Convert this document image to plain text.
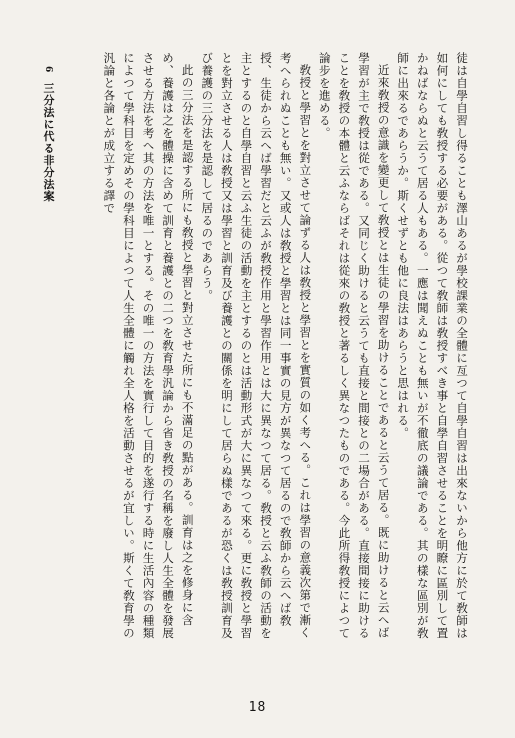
徒は自學自習し得ることも澤山あるが學校課業の全體に亙つて自學自習は出來ないから他方に於て敎師は如何にしても敎授する必要がある。從つて敎師は敎授すべき事と自學自習させることを明瞭に區別して置かねばならぬと云うて居る人もある。一應は聞えぬことも無いが不徹底の議論である。其の樣な區別が敎師に出來るであらうか。斯くせずとも他に良法はあらうと思はれる。

近來敎授の意識を變更して敎授とは生徒の學習を助けることであると云うて居る。既に助けると云へば學習が主で敎授は從である。又同じく助けると云うても直接と間接との二場合がある。直接間接に助けることを敎授の本體と云ふならばそれは從來の敎授と著るしく異なつたものである。今此所得敎授によつて論步を進める。

敎授と學習とを對立させて論ずる人は敎授と學習とを實質の如く考へる。これは學習の意義次第で漸く考へられぬことも無い。又或人は敎授と學習とは同一事實の見方が異なつて居るので敎師から云へば敎授、生徒から云へば學習だと云ふが敎授作用と學習作用とは大に異なつて居る。敎授と云ふ敎師の活動を主とするのと自學自習と云ふ生徒の活動を主とするのとは活動形式が大に異なつて來る。更に敎授と學習とを對立させる人は敎授又は學習と訓育及び養護との關係を明にして居らぬ樣であるが恐くは敎授訓育及び養護の三分法を是認して居るのであらう。

此の三分法を是認する所にも敎授と學習と對立させた所にも不滿足の點がある。訓育は之を修身に含め、養護は之を體操に含めて訓育と養護との二つを敎育學汎論から省き敎授の名稱を廢し人生全體を發展させる方法を考へ其の方法を唯一とする。その唯一の方法を實行して目的を遂行する時に生活內容の種類によつて學科目を定めその學科目によつて人生全體に觸れ全人格を活動させるが宜しい。斯くて敎育學の汎論と各論とが成立する譯で

6 三分法に代る非分法案
18
